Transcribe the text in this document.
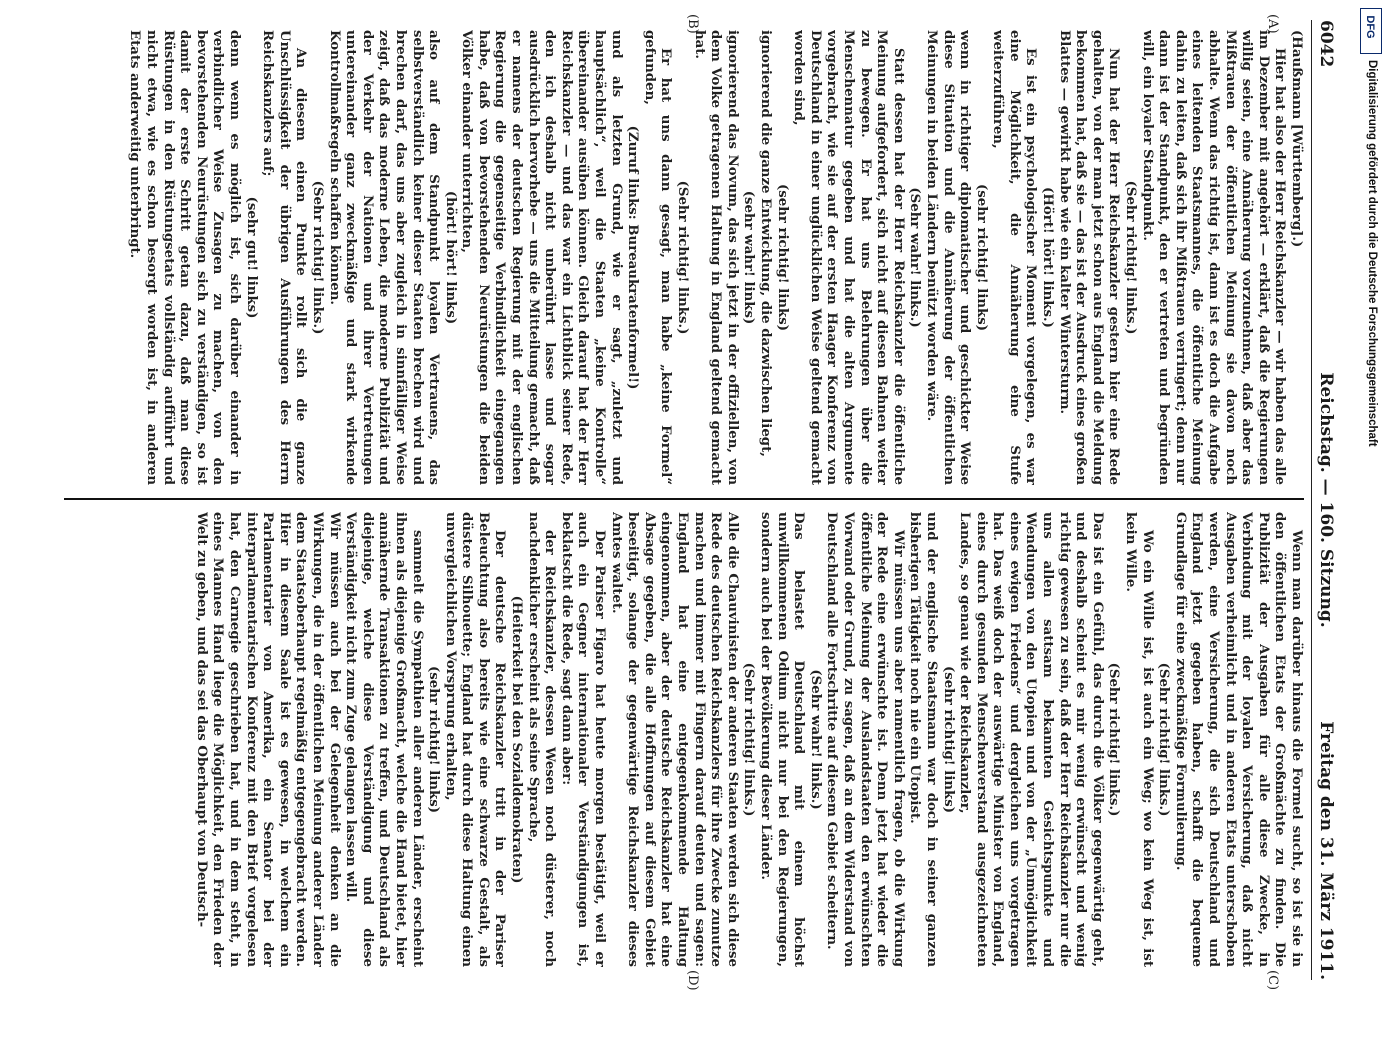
6042
Reichstag. — 160. Sitzung.
Freitag den 31. März 1911.
(A)
(B)
(C)
(D)

(Haußmann [Württemberg].)

Hier hat also der Herr Reichskanzler — wir haben das alle im Dezember mit angehört — erklärt, daß die Regierungen willig seien, eine Annäherung vorzunehmen, daß aber das Mißtrauen der öffentlichen Meinung sie davon noch abhalte. Wenn das richtig ist, dann ist es doch die Aufgabe eines leitenden Staatsmannes, die öffentliche Meinung dahin zu leiten, daß sich ihr Mißtrauen verringert; denn nur dann ist der Standpunkt, den er vertreten und begründen will, ein loyaler Standpunkt.

(Sehr richtig! links.)

Nun hat der Herr Reichskanzler gestern hier eine Rede gehalten, von der man jetzt schon aus England die Meldung bekommen hat, daß sie — das ist der Ausdruck eines großen Blattes — gewirkt habe wie ein kalter Wintersturm.

(Hört! hört! links.)

Es ist ein psychologischer Moment vorgelegen, es war eine Möglichkeit, die Annäherung eine Stufe weiterzuführen,

(sehr richtig! links)

wenn in richtiger diplomatischer und geschickter Weise diese Situation und die Annäherung der öffentlichen Meinungen in beiden Ländern benützt worden wäre.

(Sehr wahr! links.)

Statt dessen hat der Herr Reichskanzler die öffentliche Meinung aufgefordert, sich nicht auf diesen Bahnen weiter zu bewegen. Er hat uns Belehrungen über die Menschennatur gegeben und hat die alten Argumente vorgebracht, wie sie auf der ersten Haager Konferenz von Deutschland in einer unglücklichen Weise geltend gemacht worden sind,

(sehr richtig! links)

ignorierend die ganze Entwicklung, die dazwischen liegt,

(sehr wahr! links)

ignorierend das Novum, das sich jetzt in der offiziellen, von dem Volke getragenen Haltung in England geltend gemacht hat.

(Sehr richtig! links.)

Er hat uns dann gesagt, man habe „keine Formel“ gefunden,

(Zuruf links: Bureaukratenformel!)

und als letzten Grund, wie er sagt, „zuletzt und hauptsächlich“, weil die Staaten „keine Kontrolle“ übereinander ausüben können. Gleich darauf hat der Herr Reichskanzler — und das war ein Lichtblick seiner Rede, den ich deshalb nicht unberührt lasse und sogar ausdrücklich hervorhebe — uns die Mitteilung gemacht, daß er namens der deutschen Regierung mit der englischen Regierung die gegenseitige Verbindlichkeit eingegangen habe, daß von bevorstehenden Neurüstungen die beiden Völker einander unterrichten,

(hört! hört! links)

also auf dem Standpunkt loyalen Vertrauens, das selbstverständlich keiner dieser Staaten brechen wird und brechen darf, das uns aber zugleich in sinnfälliger Weise zeigt, daß das moderne Leben, die moderne Publizität und der Verkehr der Nationen und ihrer Vertretungen untereinander ganz zweckmäßige und stark wirkende Kontrollmaßregeln schaffen können.

(Sehr richtig! links.)

An diesem einen Punkte rollt sich die ganze Unschlüssigkeit der übrigen Ausführungen des Herrn Reichskanzlers auf;

(sehr gut! links)

denn wenn es möglich ist, sich darüber einander in verbindlicher Weise Zusagen zu machen, von den bevorstehenden Neurüstungen sich zu verständigen, so ist damit der erste Schritt getan dazu, daß man diese Rüstungen in den Rüstungsetats vollständig aufführt und nicht etwa, wie es schon besorgt worden ist, in anderen Etats anderweitig unterbringt.

Wenn man darüber hinaus die Formel sucht, so ist sie in den öffentlichen Etats der Großmächte zu finden. Die Publizität der Ausgaben für alle diese Zwecke, in Verbindung mit der loyalen Versicherung, daß nicht Ausgaben verheimlicht und in anderen Etats unterschoben werden, eine Versicherung, die sich Deutschland und England jetzt gegeben haben, schafft die bequeme Grundlage für eine zweckmäßige Formulierung.

(Sehr richtig! links.)

Wo ein Wille ist, ist auch ein Weg; wo kein Weg ist, ist kein Wille.

(Sehr richtig! links.)

Das ist ein Gefühl, das durch die Völker gegenwärtig geht, und deshalb scheint es mir wenig erwünscht und wenig richtig gewesen zu sein, daß der Herr Reichskanzler nur die uns allen sattsam bekannten Gesichtspunkte und Wendungen von den Utopien und von der „Unmöglichkeit eines ewigen Friedens“ und dergleichen uns vorgetragen hat. Das weiß doch der auswärtige Minister von England, eines durch gesunden Menschenverstand ausgezeichneten Landes, so genau wie der Reichskanzler,

(sehr richtig! links)

und der englische Staatsmann war doch in seiner ganzen bisherigen Tätigkeit noch nie ein Utopist.

Wir müssen uns aber namentlich fragen, ob die Wirkung der Rede eine erwünschte ist. Denn jetzt hat wieder die öffentliche Meinung der Auslandstaaten den erwünschten Vorwand oder Grund, zu sagen, daß an dem Widerstand von Deutschland alle Fortschritte auf diesem Gebiet scheitern.

(Sehr wahr! links.)

Das belastet Deutschland mit einem höchst unwillkommenen Odium nicht nur bei den Regierungen, sondern auch bei der Bevölkerung dieser Länder.

(Sehr richtig! links.)

Alle die Chauvinisten der anderen Staaten werden sich diese Rede des deutschen Reichskanzlers für ihre Zwecke zunutze machen und immer mit Fingern darauf deuten und sagen: England hat eine entgegenkommende Haltung eingenommen, aber der deutsche Reichskanzler hat eine Absage gegeben, die alle Hoffnungen auf diesem Gebiet beseitigt, solange der gegenwärtige Reichskanzler dieses Amtes waltet.

Der Pariser Figaro hat heute morgen bestätigt, weil er auch ein Gegner internationaler Verständigungen ist, beklatscht die Rede, sagt dann aber:

der Reichskanzler, dessen Wesen noch düsterer, noch nachdenklicher erscheint als seine Sprache,

(Heiterkeit bei den Sozialdemokraten)

Der deutsche Reichskanzler tritt in der Pariser Beleuchtung also bereits wie eine schwarze Gestalt, als düstere Silhouette; England hat durch diese Haltung einen unvergleichlichen Vorsprung erhalten,

(sehr richtig! links)

sammelt die Sympathien aller anderen Länder, erscheint ihnen als diejenige Großmacht, welche die Hand bietet, hier annähernde Transaktionen zu treffen, und Deutschland als diejenige, welche diese Verständigung und diese Verständigkeit nicht zum Zuge gelangen lassen will.

Wir müssen auch bei der Gelegenheit denken an die Wirkungen, die in der öffentlichen Meinung anderer Länder dem Staatsoberhaupt regelmäßig entgegengebracht werden. Hier in diesem Saale ist es gewesen, in welchem ein Parlamentarier von Amerika, ein Senator bei der interparlamentarischen Konferenz mit den Brief vorgelesen hat, den Carnegie geschrieben hat, und in dem steht, in eines Mannes Hand liege die Möglichkeit, den Frieden der Welt zu geben, und das sei das Oberhaupt von Deutsch-

DFG
Digitalisierung gefördert durch die Deutsche Forschungsgemeinschaft
